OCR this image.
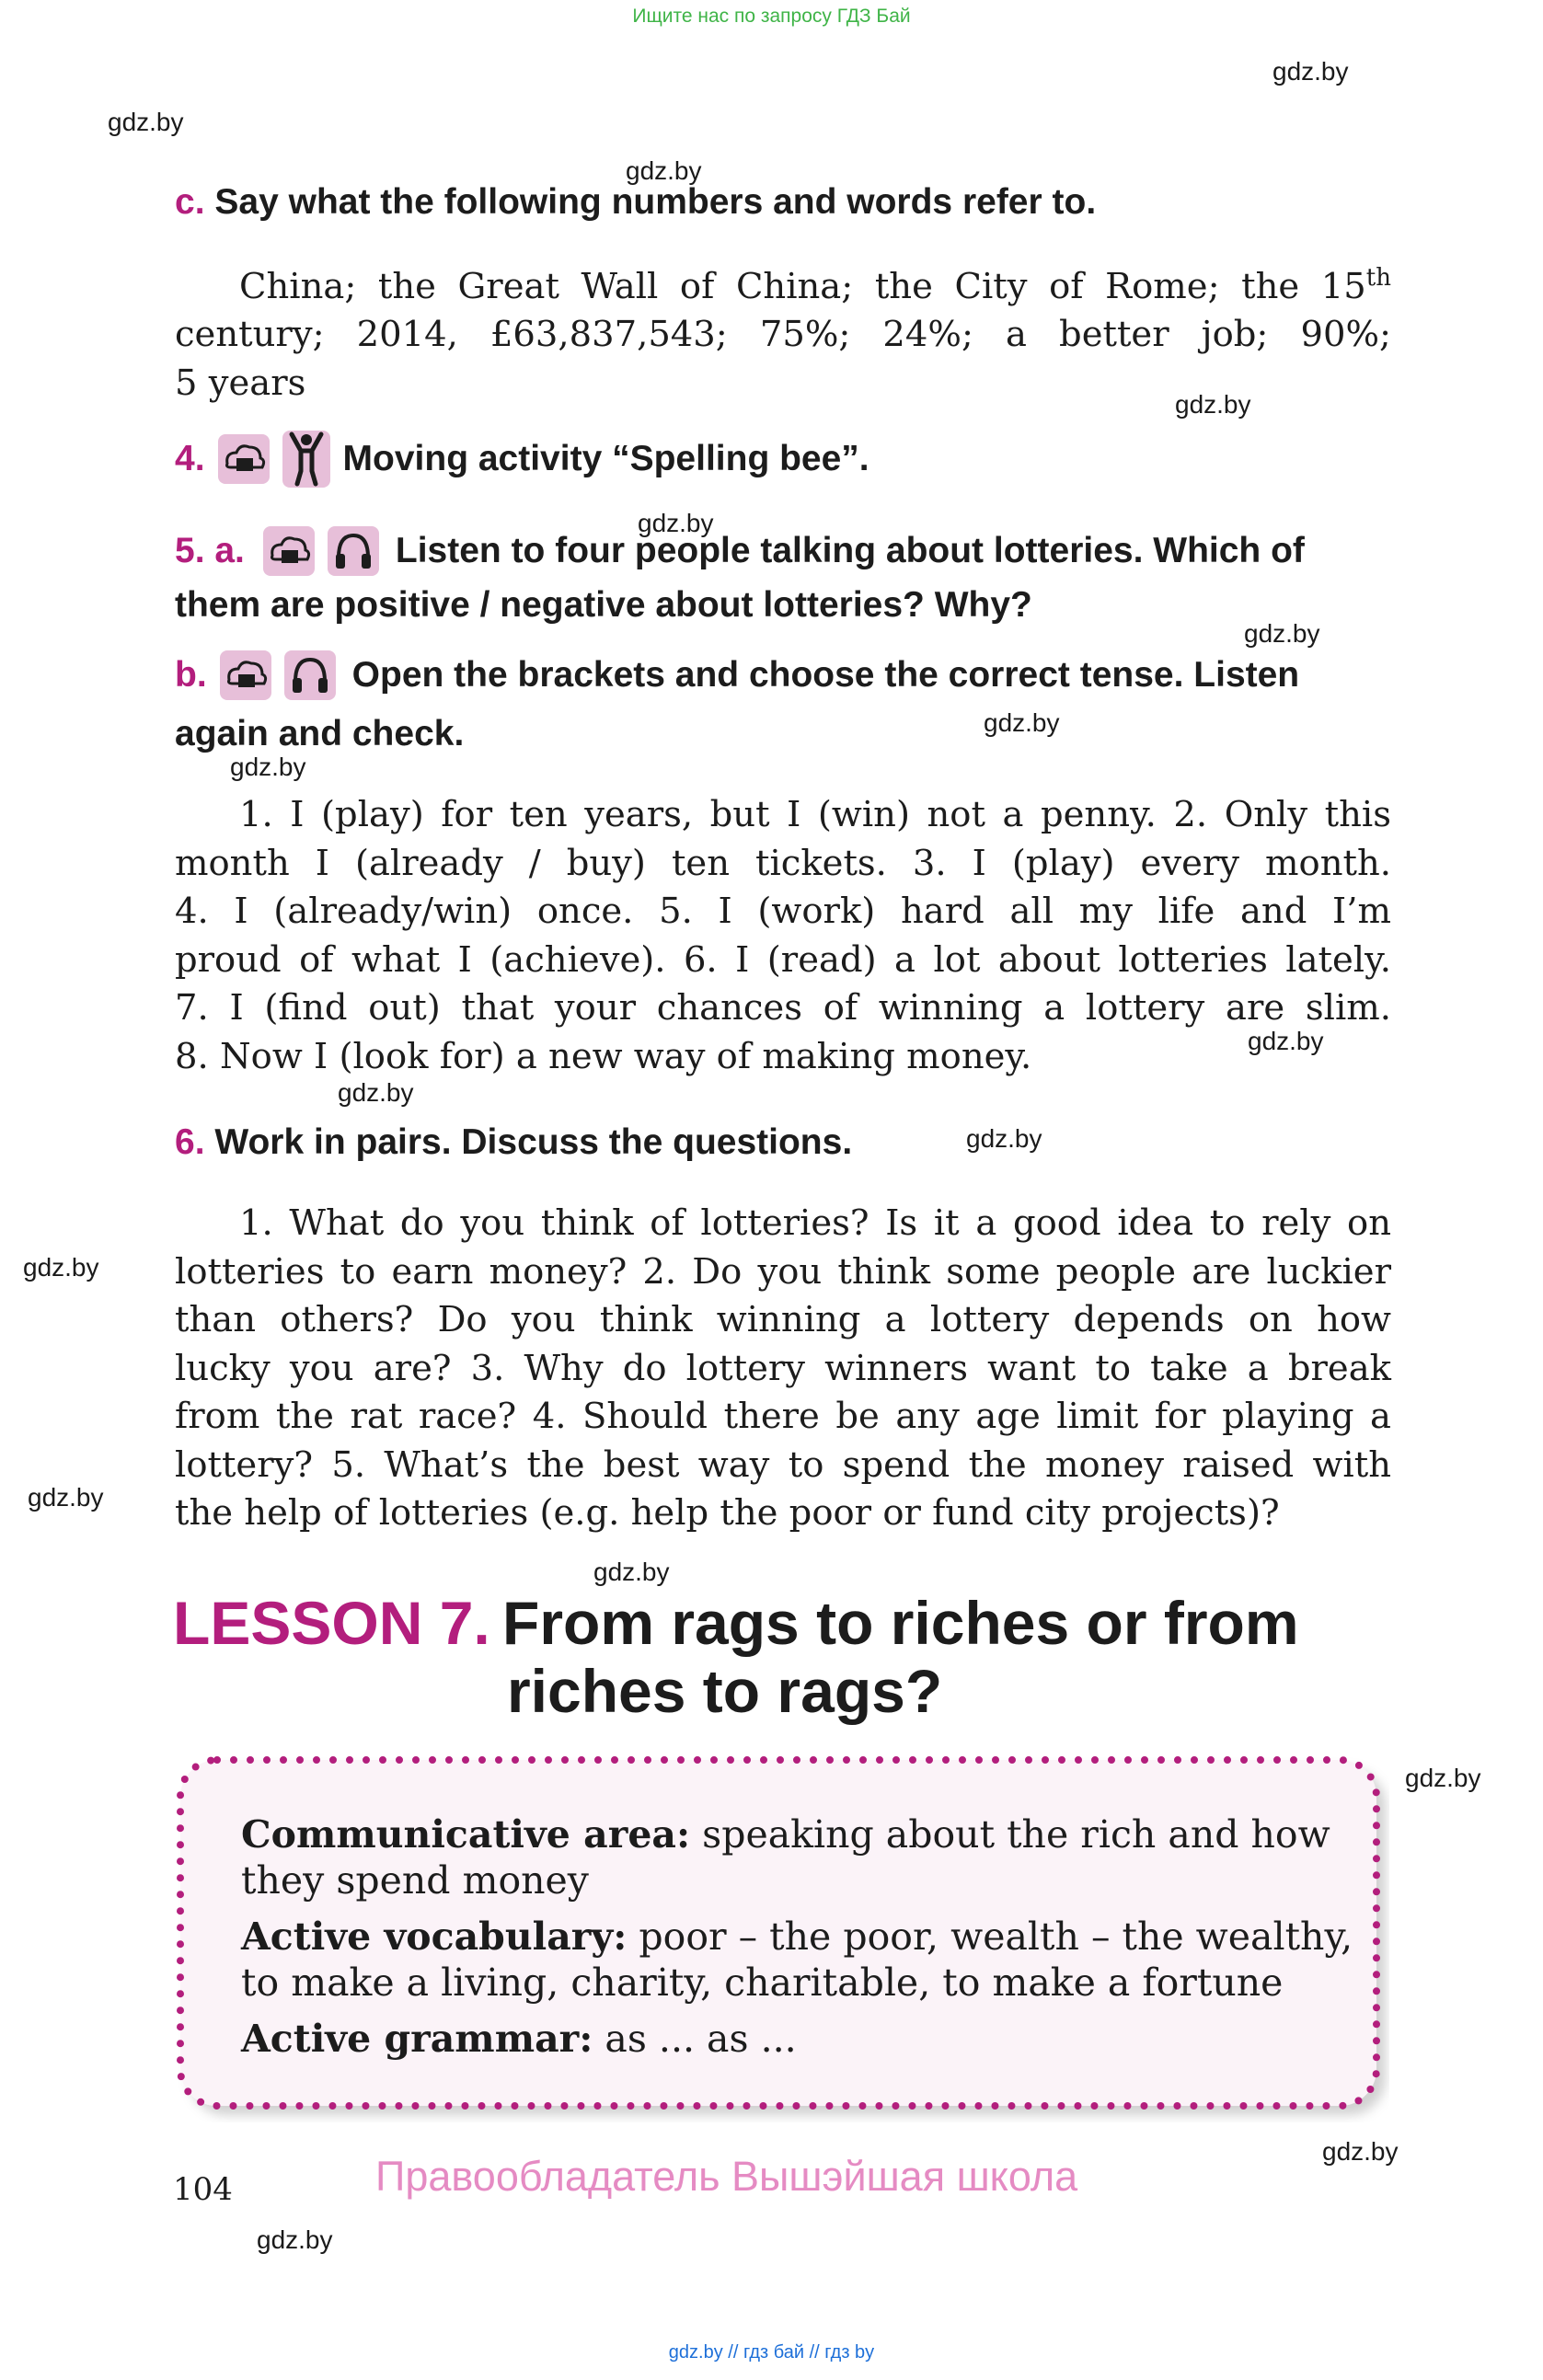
Ищите нас по запросу ГДЗ Бай
gdz.by
gdz.by
gdz.by
gdz.by
gdz.by
gdz.by
gdz.by
gdz.by
gdz.by
gdz.by
gdz.by
gdz.by
gdz.by
gdz.by
gdz.by
gdz.by
gdz.by
c. Say what the following numbers and words refer to.
China; the Great Wall of China; the City of Rome; the 15th
century; 2014, £63,837,543; 75%; 24%; a better job; 90%;
5 years
4.	Moving activity “Spelling bee”.
5. a.	Listen to four people talking about lotteries. Which of
them are positive / negative about lotteries? Why?
b.	Open the brackets and choose the correct tense. Listen
again and check.
1. I (play) for ten years, but I (win) not a penny. 2. Only this
month I (already / buy) ten tickets. 3. I (play) every month.
4. I (already/win) once. 5. I (work) hard all my life and I’m
proud of what I (achieve). 6. I (read) a lot about lotteries lately.
7. I (find out) that your chances of winning a lottery are slim.
8. Now I (look for) a new way of making money.
6. Work in pairs. Discuss the questions.
1. What do you think of lotteries? Is it a good idea to rely on
lotteries to earn money? 2. Do you think some people are luckier
than others? Do you think winning a lottery depends on how
lucky you are? 3. Why do lottery winners want to take a break
from the rat race? 4. Should there be any age limit for playing a
lottery? 5. What’s the best way to spend the money raised with
the help of lotteries (e.g. help the poor or fund city projects)?
LESSON 7. From rags to riches or from
riches to rags?
Communicative area: speaking about the rich and how
they spend money
Active vocabulary: poor – the poor, wealth – the wealthy,
to make a living, charity, charitable, to make a fortune
Active grammar: as ... as ...
104	Правообладатель Вышэйшая школа
gdz.by // гдз бай // гдз by
